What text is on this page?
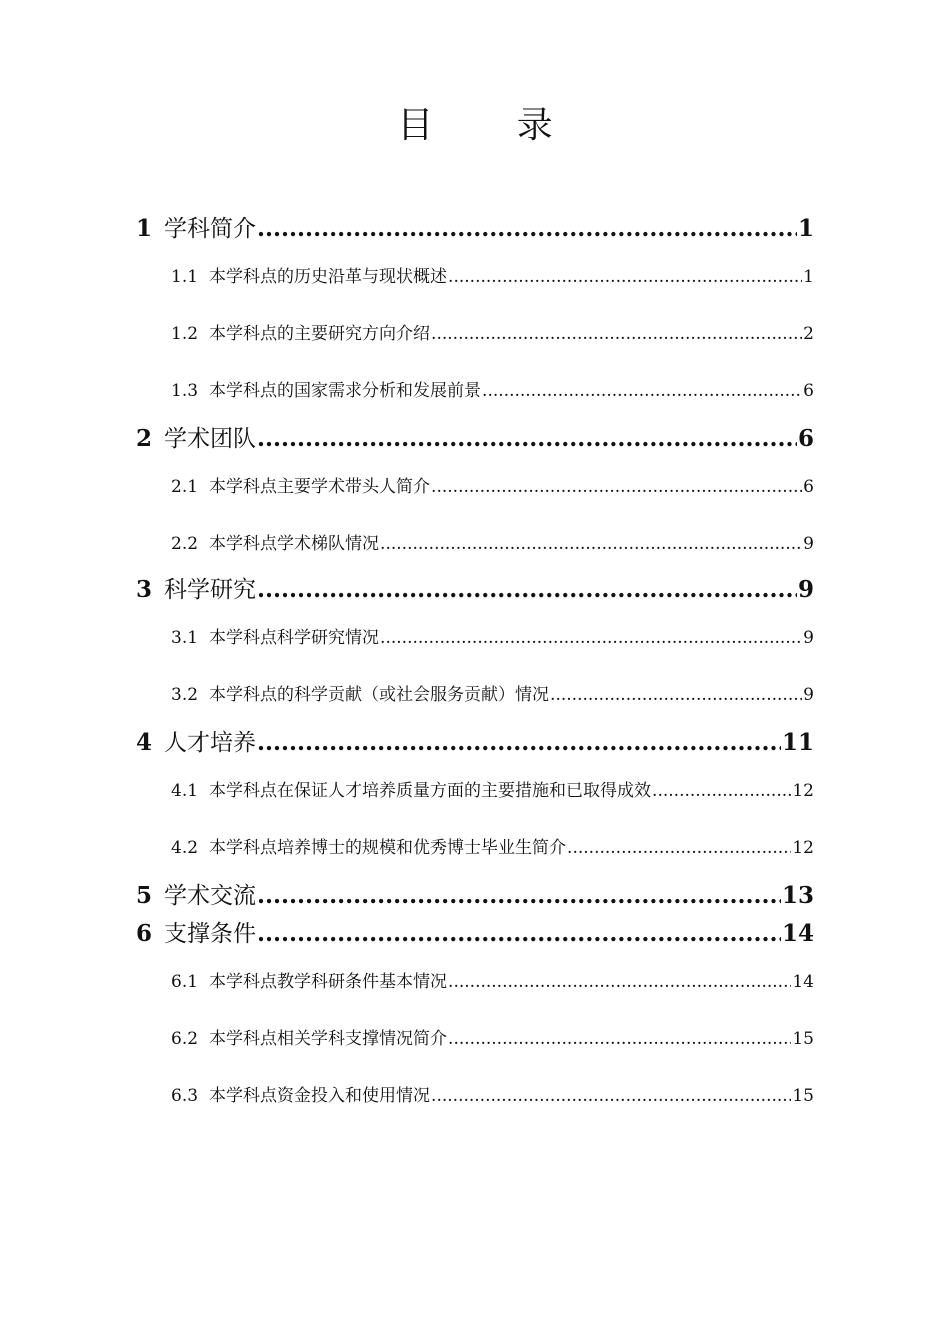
目 录
1 学科简介 .....	1
1.1 本学科点的历史沿革与现状概述 .....	1
1.2 本学科点的主要研究方向介绍 .....	2
1.3 本学科点的国家需求分析和发展前景 .....	6
2 学术团队 .....	6
2.1 本学科点主要学术带头人简介 .....	6
2.2 本学科点学术梯队情况 .....	9
3 科学研究 .....	9
3.1 本学科点科学研究情况 .....	9
3.2 本学科点的科学贡献（或社会服务贡献）情况 .....	9
4 人才培养 .....	11
4.1 本学科点在保证人才培养质量方面的主要措施和已取得成效 .....	12
4.2 本学科点培养博士的规模和优秀博士毕业生简介 .....	12
5 学术交流 .....	13
6 支撑条件 .....	14
6.1 本学科点教学科研条件基本情况 .....	14
6.2 本学科点相关学科支撑情况简介 .....	15
6.3 本学科点资金投入和使用情况 .....	15
